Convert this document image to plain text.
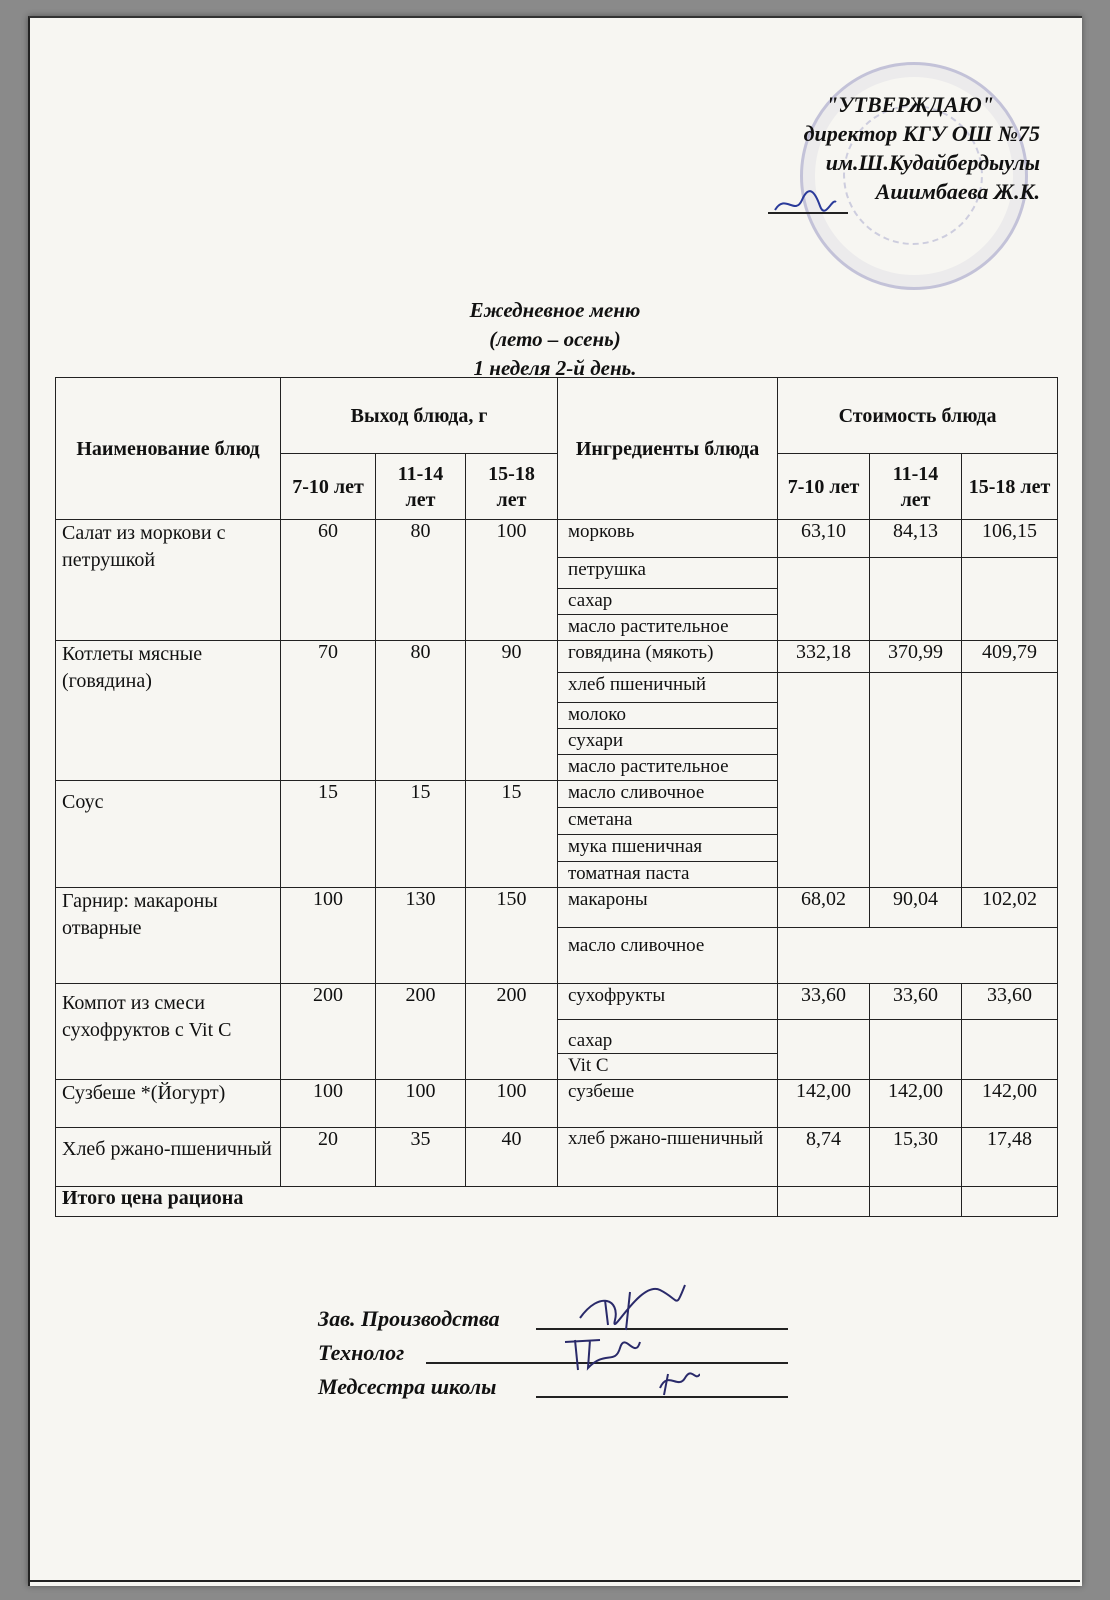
"УТВЕРЖДАЮ"
директор КГУ ОШ №75
им.Ш.Кудайбердыулы
Ашимбаева Ж.К.
Ежедневное меню
(лето – осень)
1 неделя 2-й день.
Наименование блюд	Выход блюда, г			Ингредиенты блюда	Стоимость блюда		
	7-10 лет	11-14 лет	15-18 лет		7-10 лет	11-14 лет	15-18 лет
Салат из моркови с петрушкой	60	80	100	морковь	63,10	84,13	106,15
				петрушка			
				сахар			
				масло растительное			
Котлеты мясные (говядина)	70	80	90	говядина (мякоть)	332,18	370,99	409,79
				хлеб пшеничный			
				молоко			
				сухари			
				масло растительное			
Соус	15	15	15	масло сливочное			
				сметана			
				мука пшеничная			
				томатная паста			
Гарнир: макароны отварные	100	130	150	макароны	68,02	90,04	102,02
				масло сливочное			
Компот из смеси сухофруктов с Vit C	200	200	200	сухофрукты	33,60	33,60	33,60
				сахар			
				Vit C			
Сузбеше *(Йогурт)	100	100	100	сузбеше	142,00	142,00	142,00
Хлеб ржано-пшеничный	20	35	40	хлеб ржано-пшеничный	8,74	15,30	17,48
Итого цена рациона							
Зав. Производства
Технолог
Медсестра школы
